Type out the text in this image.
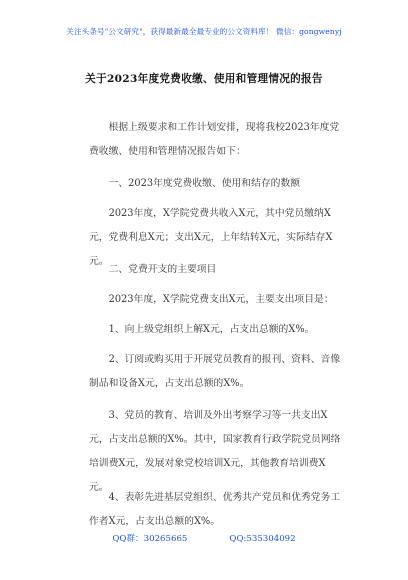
关注头条号"公文研究"，获得最新最全最专业的公文资料库！ 微信：gongwenyj
关于2023年度党费收缴、使用和管理情况的报告

根据上级要求和工作计划安排，现将我校2023年度党费收缴、使用和管理情况报告如下：

一、2023年度党费收缴、使用和结存的数额

2023年度，X学院党费共收入X元，其中党员缴纳X元，党费利息X元；支出X元，上年结转X元，实际结存X元。

二、党费开支的主要项目

2023年度，X学院党费支出X元，主要支出项目是：

1、向上级党组织上解X元，占支出总额的X%。

2、订阅或购买用于开展党员教育的报刊、资料、音像制品和设备X元，占支出总额的X%。

3、党员的教育、培训及外出考察学习等一共支出X元，占支出总额的X%。其中，国家教育行政学院党员网络培训费X元，发展对象党校培训X元，其他教育培训费X元。

4、表彰先进基层党组织、优秀共产党员和优秀党务工作者X元，占支出总额的X%。

QQ群：30265665	QQ:535304092
